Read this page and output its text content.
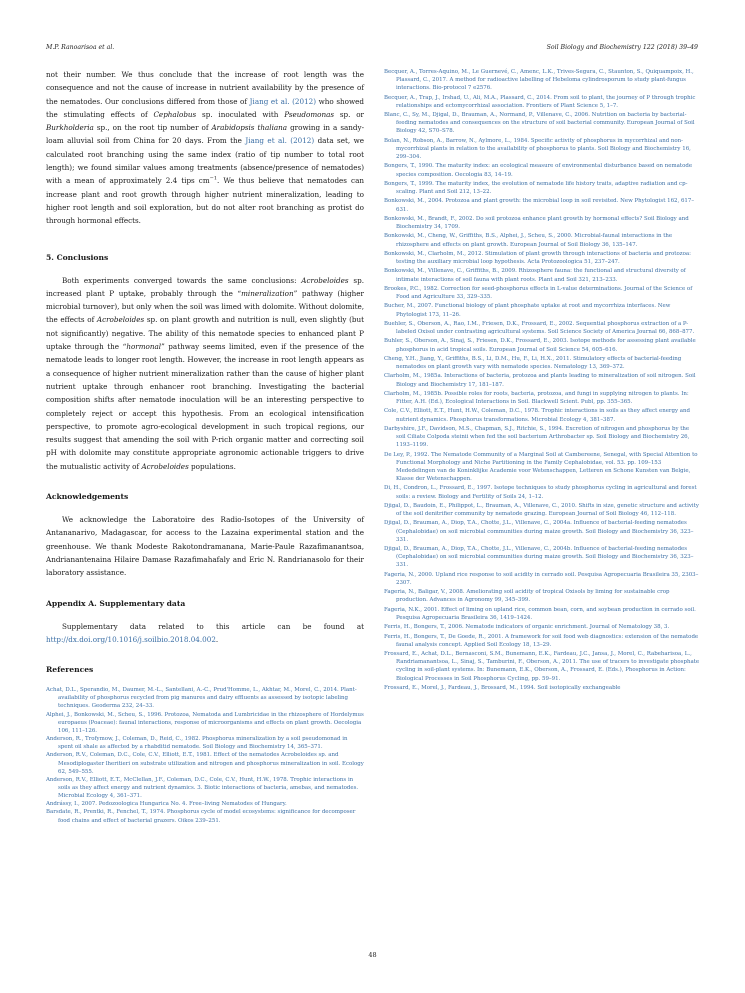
M.P. Ranoarisoa et al.	Soil Biology and Biochemistry 122 (2018) 39–49

not their number. We thus conclude that the increase of root length was the consequence and not the cause of increase in nutrient availability by the presence of the nematodes. Our conclusions differed from those of Jiang et al. (2012) who showed the stimulating effects of Cephalobus sp. inoculated with Pseudomonas sp. or Burkholderia sp., on the root tip number of Arabidopsis thaliana growing in a sandy-loam alluvial soil from China for 20 days. From the Jiang et al. (2012) data set, we calculated root branching using the same index (ratio of tip number to total root length); we found similar values among treatments (absence/presence of nematodes) with a mean of approximately 2.4 tips $cm^{-1}$. We thus believe that nematodes can increase plant and root growth through higher nutrient mineralization, leading to higher root length and soil exploration, but do not alter root branching as protist do through hormonal effects.

5. Conclusions

Both experiments converged towards the same conclusions: Acrobeloides sp. increased plant P uptake, probably through the “mineralization” pathway (higher microbial turnover), but only when the soil was limed with dolomite. Without dolomite, the effects of Acrobeloides sp. on plant growth and nutrition is null, even slightly (but not significantly) negative. The ability of this nematode species to enhanced plant P uptake through the “hormonal” pathway seems limited, even if the presence of the nematode leads to longer root length. However, the increase in root length appears as a consequence of higher nutrient mineralization rather than the cause of higher plant nutrient uptake through enhancer root branching. Investigating the bacterial composition shifts after nematode inoculation will be an interesting perspective to completely reject or accept this hypothesis. From an ecological intensification perspective, to promote agro-ecological development in such tropical regions, our results suggest that amending the soil with P-rich organic matter and correcting soil pH with dolomite may constitute appropriate agronomic actionable triggers to drive the mutualistic activity of Acrobeloides populations.

Acknowledgements

We acknowledge the Laboratoire des Radio-Isotopes of the University of Antananarivo, Madagascar, for access to the Lazaina experimental station and the greenhouse. We thank Modeste Rakotondramanana, Marie-Paule Razafimanantsoa, Andrianantenaina Hilaire Damase Razafimahafaly and Eric N. Randrianasolo for their laboratory assistance.

Appendix A. Supplementary data

Supplementary data related to this article can be found at http://dx.doi.org/10.1016/j.soilbio.2018.04.002.

References

Achat, D.L., Sperandio, M., Daumer, M.-L., Santellani, A.-C., Prud'Homme, L., Akhtar, M., Morel, C., 2014. Plant-availability of phosphorus recycled from pig manures and dairy effluents as assessed by isotopic labeling techniques. Geoderma 232, 24–33.

Alphei, J., Bonkowski, M., Scheu, S., 1996. Protozoa, Nematoda and Lumbricidae in the rhizosphere of Hordelymus europaeus (Poaceae): faunal interactions, response of microorganisms and effects on plant growth. Oecologia 106, 111–126.

Anderson, R., Trofymow, J., Coleman, D., Reid, C., 1982. Phosphorus mineralization by a soil pseudomonad in spent oil shale as affected by a rhabditid nematode. Soil Biology and Biochemistry 14, 365–371.

Anderson, R.V., Coleman, D.C., Cole, C.V., Elliott, E.T., 1981. Effect of the nematodes Acrobeloides sp. and Mesodiplogaster lheritieri on substrate utilization and nitrogen and phosphorus mineralization in soil. Ecology 62, 549–555.

Anderson, R.V., Elliott, E.T., McClellan, J.F., Coleman, D.C., Cole, C.V., Hunt, H.W., 1978. Trophic interactions in soils as they affect energy and nutrient dynamics. 3. Biotic interactions of bacteria, amebas, and nematodes. Microbial Ecology 4, 361–371.

Andrássy, I., 2007. Pedozoologica Hungarica No. 4. Free–living Nematodes of Hungary.

Barsdate, R., Prentki, R., Fenchel, T., 1974. Phosphorus cycle of model ecosystems: significance for decomposer food chains and effect of bacterial grazers. Oikos 239–251.

Becquer, A., Torres-Aquino, M., Le Guernevé, C., Amenc, L.K., Trives-Segura, C., Staunton, S., Quiquampoix, H., Plassard, C., 2017. A method for radioactive labelling of Hebeloma cylindrosporum to study plant-fungus interactions. Bio-protocol 7 e2576.

Becquer, A., Trap, J., Irshad, U., Ali, M.A., Plassard, C., 2014. From soil to plant, the journey of P through trophic relationships and ectomycorrhizal association. Frontiers of Plant Science 5, 1–7.

Blanc, C., Sy, M., Djigal, D., Brauman, A., Normand, P., Villenave, C., 2006. Nutrition on bacteria by bacterial-feeding nematodes and consequences on the structure of soil bacterial community. European Journal of Soil Biology 42, S70–S78.

Bolan, N., Robson, A., Barrow, N., Aylmore, L., 1984. Specific activity of phosphorus in mycorrhizal and non-mycorrhizal plants in relation to the availability of phosphorus to plants. Soil Biology and Biochemistry 16, 299–304.

Bongers, T., 1990. The maturity index: an ecological measure of environmental disturbance based on nematode species composition. Oecologia 83, 14–19.

Bongers, T., 1999. The maturity index, the evolution of nematode life history traits, adaptive radiation and cp-scaling. Plant and Soil 212, 13–22.

Bonkowski, M., 2004. Protozoa and plant growth: the microbial loop in soil revisited. New Phytologist 162, 617–631.

Bonkowski, M., Brandt, F., 2002. Do soil protozoa enhance plant growth by hormonal effects? Soil Biology and Biochemistry 34, 1709.

Bonkowski, M., Cheng, W., Griffiths, B.S., Alphei, J., Scheu, S., 2000. Microbial-faunal interactions in the rhizosphere and effects on plant growth. European Journal of Soil Biology 36, 135–147.

Bonkowski, M., Clarholm, M., 2012. Stimulation of plant growth through interactions of bacteria and protozoa: testing the auxiliary microbial loop hypothesis. Acta Protozoologica 51, 237–247.

Bonkowski, M., Villenave, C., Griffiths, B., 2009. Rhizosphere fauna: the functional and structural diversity of intimate interactions of soil fauna with plant roots. Plant and Soil 321, 213–233.

Brookes, P.C., 1982. Correction for seed-phosphorus effects in L-value determinations. Journal of the Science of Food and Agriculture 33, 329–335.

Bucher, M., 2007. Functional biology of plant phosphate uptake at root and mycorrhiza interfaces. New Phytologist 173, 11–26.

Buehler, S., Oberson, A., Rao, I.M., Friesen, D.K., Frossard, E., 2002. Sequential phosphorus extraction of a P-labeled Oxisol under contrasting agricultural systems. Soil Science Society of America Journal 66, 868–877.

Buhler, S., Oberson, A., Sinaj, S., Friesen, D.K., Frossard, E., 2003. Isotope methods for assessing plant available phosphorus in acid tropical soils. European Journal of Soil Science 54, 605–616.

Cheng, Y.H., Jiang, Y., Griffiths, B.S., Li, D.M., Hu, F., Li, H.X., 2011. Stimulatory effects of bacterial-feeding nematodes on plant growth vary with nematode species. Nematology 13, 369–372.

Clarholm, M., 1985a. Interactions of bacteria, protozoa and plants leading to mineralization of soil nitrogen. Soil Biology and Biochemistry 17, 181–187.

Clarholm, M., 1985b. Possible roles for roots, bacteria, protozoa, and fungi in supplying nitrogen to plants. In: Fitter, A.H. (Ed.), Ecological Interactions in Soil. Blackwell Scient. Publ, pp. 355–365.

Cole, C.V., Elliott, E.T., Hunt, H.W., Coleman, D.C., 1978. Trophic interactions in soils as they affect energy and nutrient dynamics. Phosphorus transformations. Microbial Ecology 4, 381–387.

Darbyshire, J.F., Davidson, M.S., Chapman, S.J., Ritchie, S., 1994. Excretion of nitrogen and phosphorus by the soil Ciliate Colpoda steinii when fed the soil bacterium Arthrobacter sp. Soil Biology and Biochemistry 26, 1193–1199.

De Ley, P., 1992. The Nematode Community of a Marginal Soil at Cambereene, Senegal, with Special Attention to Functional Morphology and Niche Partitioning in the Family Cephalobidae, vol. 53. pp. 109–153 Mededelingen van de Koninklijke Academie voor Wetenschappen, Letteren en Schone Kunsten van Belgie, Klasse der Wetenschappen.

Di, H., Condron, L., Frossard, E., 1997. Isotope techniques to study phosphorus cycling in agricultural and forest soils: a review. Biology and Fertility of Soils 24, 1–12.

Djigal, D., Baudoin, E., Philippot, L., Brauman, A., Villenave, C., 2010. Shifts in size, genetic structure and activity of the soil denitrifier community by nematode grazing. European Journal of Soil Biology 46, 112–118.

Djigal, D., Brauman, A., Diop, T.A., Chotte, J.L., Villenave, C., 2004a. Influence of bacterial-feeding nematodes (Cephalobidae) on soil microbial communities during maize growth. Soil Biology and Biochemistry 36, 323–331.

Djigal, D., Brauman, A., Diop, T.A., Chotte, J.L., Villenave, C., 2004b. Influence of bacterial-feeding nematodes (Cephalobidae) on soil microbial communities during maize growth. Soil Biology and Biochemistry 36, 323–331.

Fageria, N., 2000. Upland rice response to soil acidity in cerrado soil. Pesquisa Agropecuaria Brasileira 35, 2303–2307.

Fageria, N., Baligar, V., 2008. Ameliorating soil acidity of tropical Oxisols by liming for sustainable crop production. Advances in Agronomy 99, 345–399.

Fageria, N.K., 2001. Effect of liming on upland rice, common bean, corn, and soybean production in cerrado soil. Pesquisa Agropecuaria Brasileira 36, 1419–1424.

Ferris, H., Bongers, T., 2006. Nematode indicators of organic enrichment. Journal of Nematology 38, 3.

Ferris, H., Bongers, T., De Goede, R., 2001. A framework for soil food web diagnostics: extension of the nematode faunal analysis concept. Applied Soil Ecology 18, 13–29.

Frossard, E., Achat, D.L., Bernasconi, S.M., Bunemann, E.K., Fardeau, J.C., Jansa, J., Morel, C., Rabeharisoa, L., Randriamanantsoa, L., Sinaj, S., Tamburini, F., Oberson, A., 2011. The use of tracers to investigate phosphate cycling in soil-plant systems. In: Bunemann, E.K., Oberson, A., Frossard, E. (Eds.), Phosphorus in Action: Biological Processes in Soil Phosphorus Cycling, pp. 59–91.

Frossard, E., Morel, J., Fardeau, J., Brossard, M., 1994. Soil isotopically exchangeable

48
